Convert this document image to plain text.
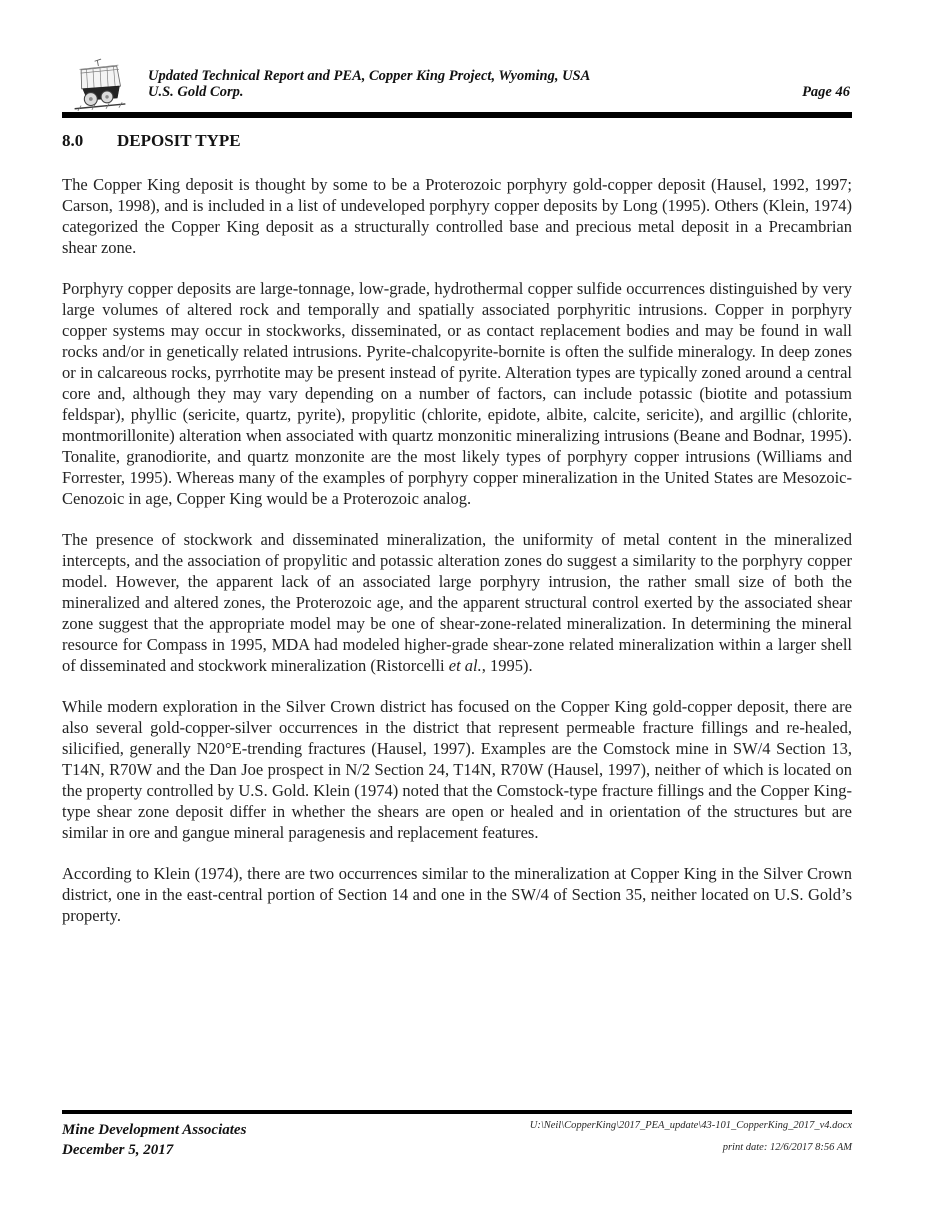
Updated Technical Report and PEA, Copper King Project, Wyoming, USA
U.S. Gold Corp.	Page 46
8.0	DEPOSIT TYPE

The Copper King deposit is thought by some to be a Proterozoic porphyry gold-copper deposit (Hausel, 1992, 1997; Carson, 1998), and is included in a list of undeveloped porphyry copper deposits by Long (1995). Others (Klein, 1974) categorized the Copper King deposit as a structurally controlled base and precious metal deposit in a Precambrian shear zone.

Porphyry copper deposits are large-tonnage, low-grade, hydrothermal copper sulfide occurrences distinguished by very large volumes of altered rock and temporally and spatially associated porphyritic intrusions. Copper in porphyry copper systems may occur in stockworks, disseminated, or as contact replacement bodies and may be found in wall rocks and/or in genetically related intrusions. Pyrite-chalcopyrite-bornite is often the sulfide mineralogy. In deep zones or in calcareous rocks, pyrrhotite may be present instead of pyrite. Alteration types are typically zoned around a central core and, although they may vary depending on a number of factors, can include potassic (biotite and potassium feldspar), phyllic (sericite, quartz, pyrite), propylitic (chlorite, epidote, albite, calcite, sericite), and argillic (chlorite, montmorillonite) alteration when associated with quartz monzonitic mineralizing intrusions (Beane and Bodnar, 1995). Tonalite, granodiorite, and quartz monzonite are the most likely types of porphyry copper intrusions (Williams and Forrester, 1995). Whereas many of the examples of porphyry copper mineralization in the United States are Mesozoic-Cenozoic in age, Copper King would be a Proterozoic analog.

The presence of stockwork and disseminated mineralization, the uniformity of metal content in the mineralized intercepts, and the association of propylitic and potassic alteration zones do suggest a similarity to the porphyry copper model. However, the apparent lack of an associated large porphyry intrusion, the rather small size of both the mineralized and altered zones, the Proterozoic age, and the apparent structural control exerted by the associated shear zone suggest that the appropriate model may be one of shear-zone-related mineralization. In determining the mineral resource for Compass in 1995, MDA had modeled higher-grade shear-zone related mineralization within a larger shell of disseminated and stockwork mineralization (Ristorcelli et al., 1995).

While modern exploration in the Silver Crown district has focused on the Copper King gold-copper deposit, there are also several gold-copper-silver occurrences in the district that represent permeable fracture fillings and re-healed, silicified, generally N20°E-trending fractures (Hausel, 1997). Examples are the Comstock mine in SW/4 Section 13, T14N, R70W and the Dan Joe prospect in N/2 Section 24, T14N, R70W (Hausel, 1997), neither of which is located on the property controlled by U.S. Gold. Klein (1974) noted that the Comstock-type fracture fillings and the Copper King-type shear zone deposit differ in whether the shears are open or healed and in orientation of the structures but are similar in ore and gangue mineral paragenesis and replacement features.

According to Klein (1974), there are two occurrences similar to the mineralization at Copper King in the Silver Crown district, one in the east-central portion of Section 14 and one in the SW/4 of Section 35, neither located on U.S. Gold’s property.

Mine Development Associates
December 5, 2017
U:\Neil\CopperKing\2017_PEA_update\43-101_CopperKing_2017_v4.docx
print date: 12/6/2017 8:56 AM
